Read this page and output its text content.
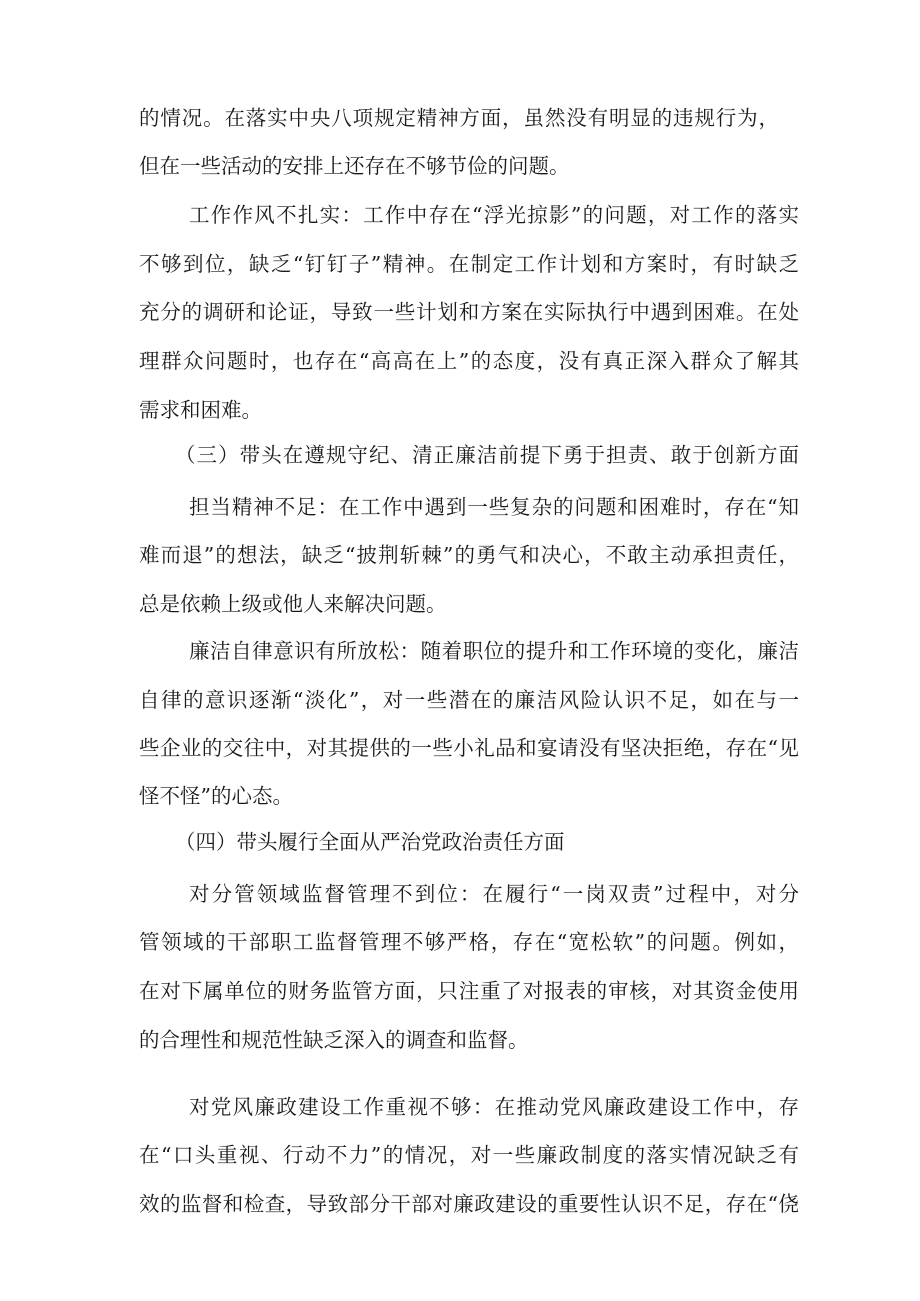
的情况。在落实中央八项规定精神方面，虽然没有明显的违规行为，
但在一些活动的安排上还存在不够节俭的问题。
工作作风不扎实：工作中存在“浮光掠影”的问题，对工作的落实
不够到位，缺乏“钉钉子”精神。在制定工作计划和方案时，有时缺乏
充分的调研和论证，导致一些计划和方案在实际执行中遇到困难。在处
理群众问题时，也存在“高高在上”的态度，没有真正深入群众了解其
需求和困难。
（三）带头在遵规守纪、清正廉洁前提下勇于担责、敢于创新方面
担当精神不足：在工作中遇到一些复杂的问题和困难时，存在“知
难而退”的想法，缺乏“披荆斩棘”的勇气和决心，不敢主动承担责任，
总是依赖上级或他人来解决问题。
廉洁自律意识有所放松：随着职位的提升和工作环境的变化，廉洁
自律的意识逐渐“淡化”，对一些潜在的廉洁风险认识不足，如在与一
些企业的交往中，对其提供的一些小礼品和宴请没有坚决拒绝，存在“见
怪不怪”的心态。
（四）带头履行全面从严治党政治责任方面
对分管领域监督管理不到位：在履行“一岗双责”过程中，对分
管领域的干部职工监督管理不够严格，存在“宽松软”的问题。例如，
在对下属单位的财务监管方面，只注重了对报表的审核，对其资金使用
的合理性和规范性缺乏深入的调查和监督。
对党风廉政建设工作重视不够：在推动党风廉政建设工作中，存
在“口头重视、行动不力”的情况，对一些廉政制度的落实情况缺乏有
效的监督和检查，导致部分干部对廉政建设的重要性认识不足，存在“侥
